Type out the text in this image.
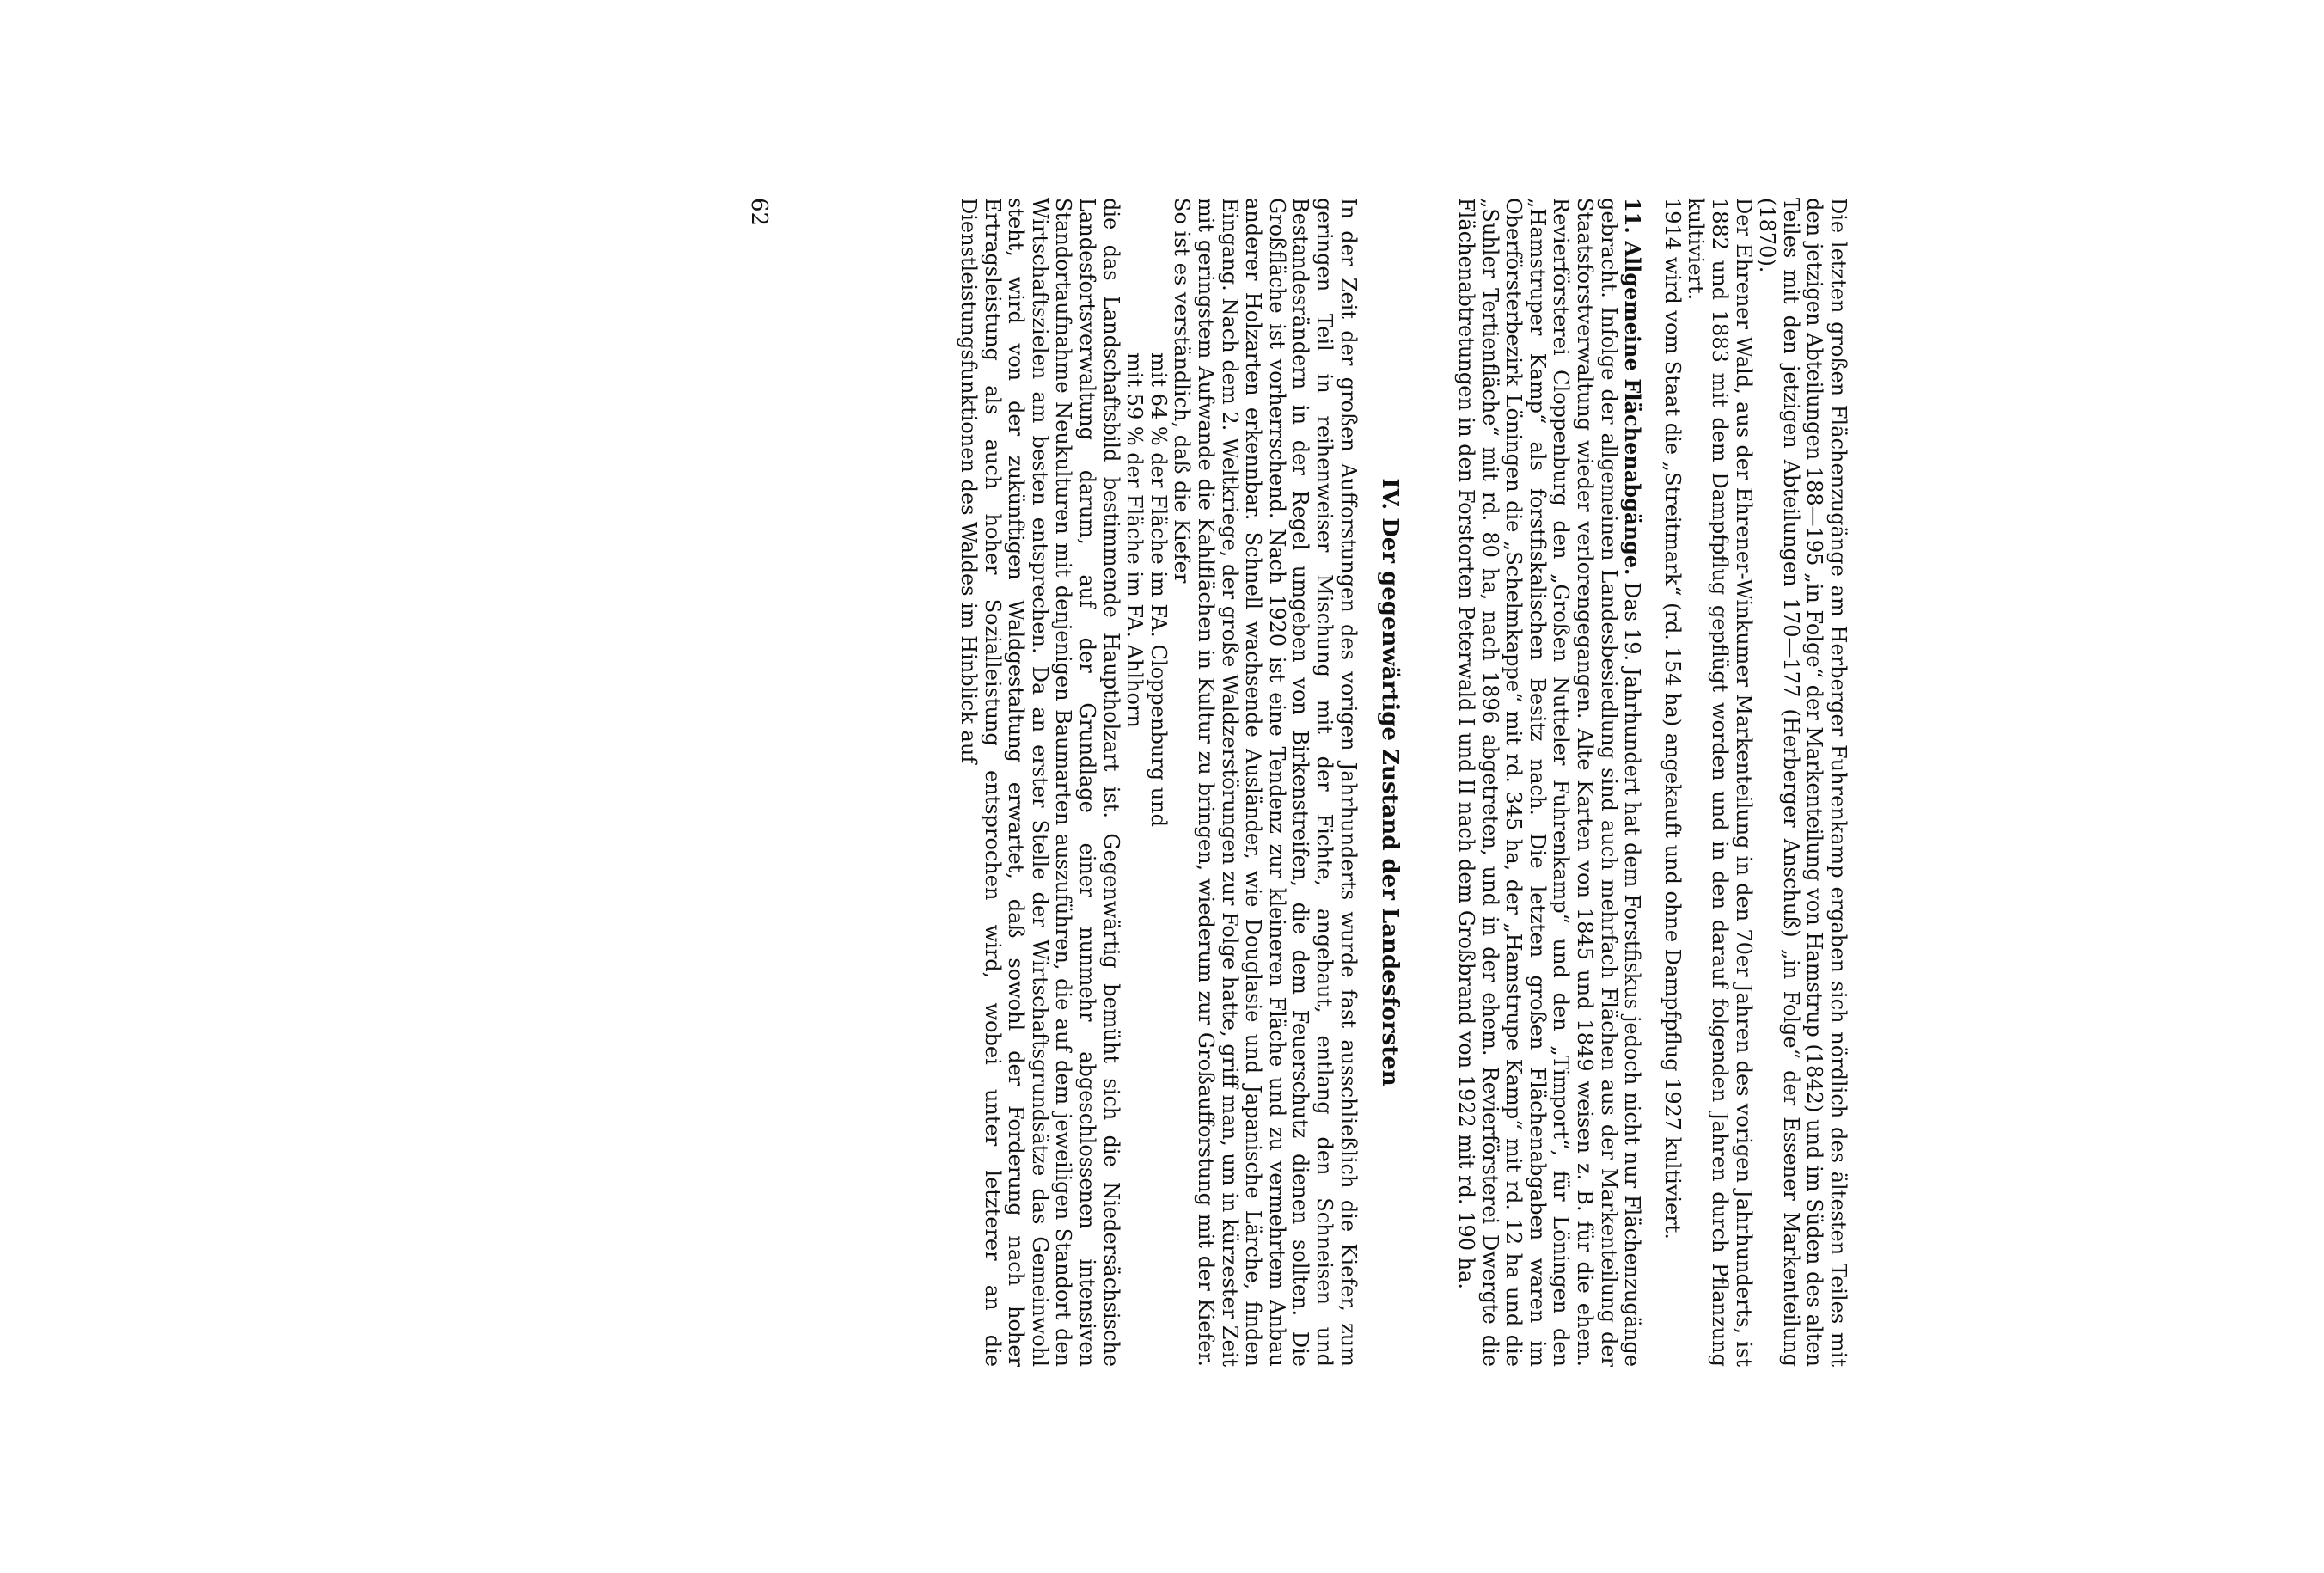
Die letzten großen Flächenzugänge am Herberger Fuhrenkamp ergaben sich nördlich des ältesten Teiles mit den jetzigen Abteilungen 188—195 „in Folge“ der Markenteilung von Hamstrup (1842) und im Süden des alten Teiles mit den jetzigen Abteilungen 170—177 (Herberger Anschuß) „in Folge“ der Essener Markenteilung (1870).

Der Ehrener Wald, aus der Ehrener-Winkumer Markenteilung in den 70er Jahren des vorigen Jahrhunderts, ist 1882 und 1883 mit dem Dampfpflug gepflügt worden und in den darauf folgenden Jahren durch Pflanzung kultiviert.

1914 wird vom Staat die „Streitmark“ (rd. 154 ha) angekauft und ohne Dampfpflug 1927 kultiviert.

11. Allgemeine Flächenabgänge. Das 19. Jahrhundert hat dem Forstfiskus jedoch nicht nur Flächenzugänge gebracht. Infolge der allgemeinen Landesbesiedlung sind auch mehrfach Flächen aus der Markenteilung der Staatsforstverwaltung wieder verlorengegangen. Alte Karten von 1845 und 1849 weisen z. B. für die ehem. Revierförsterei Cloppenburg den „Großen Nutteler Fuhrenkamp“ und den „Timport“, für Löningen den „Hamstruper Kamp“ als forstfiskalischen Besitz nach. Die letzten großen Flächenabgaben waren im Oberförsterbezirk Löningen die „Schelmkappe“ mit rd. 345 ha, der „Hamstrupe Kamp“ mit rd. 12 ha und die „Suhler Tertienfläche“ mit rd. 80 ha, nach 1896 abgetreten, und in der ehem. Revierförsterei Dwergte die Flächenabtretungen in den Forstorten Peterwald I und II nach dem Großbrand von 1922 mit rd. 190 ha.

IV. Der gegenwärtige Zustand der Landesforsten

In der Zeit der großen Aufforstungen des vorigen Jahrhunderts wurde fast ausschließlich die Kiefer, zum geringen Teil in reihenweiser Mischung mit der Fichte, angebaut, entlang den Schneisen und Bestandesrändern in der Regel umgeben von Birkenstreifen, die dem Feuerschutz dienen sollten. Die Großfläche ist vorherrschend. Nach 1920 ist eine Tendenz zur kleineren Fläche und zu vermehrtem Anbau anderer Holzarten erkennbar. Schnell wachsende Ausländer, wie Douglasie und Japanische Lärche, finden Eingang. Nach dem 2. Weltkriege, der große Waldzerstörungen zur Folge hatte, griff man, um in kürzester Zeit mit geringstem Aufwande die Kahlflächen in Kultur zu bringen, wiederum zur Großaufforstung mit der Kiefer. So ist es verständlich, daß die Kiefer

mit 64 % der Fläche im FA. Cloppenburg und
mit 59 % der Fläche im FA. Ahlhorn

die das Landschaftsbild bestimmende Hauptholzart ist. Gegenwärtig bemüht sich die Niedersächsische Landesfortsverwaltung darum, auf der Grundlage einer nunmehr abgeschlossenen intensiven Standortaufnahme Neukulturen mit denjenigen Baumarten auszuführen, die auf dem jeweiligen Standort den Wirtschaftszielen am besten entsprechen. Da an erster Stelle der Wirtschaftsgrundsätze das Gemeinwohl steht, wird von der zukünftigen Waldgestaltung erwartet, daß sowohl der Forderung nach hoher Ertragsleistung als auch hoher Sozialleistung entsprochen wird, wobei unter letzterer an die Dienstleistungsfunktionen des Waldes im Hinblick auf

62
